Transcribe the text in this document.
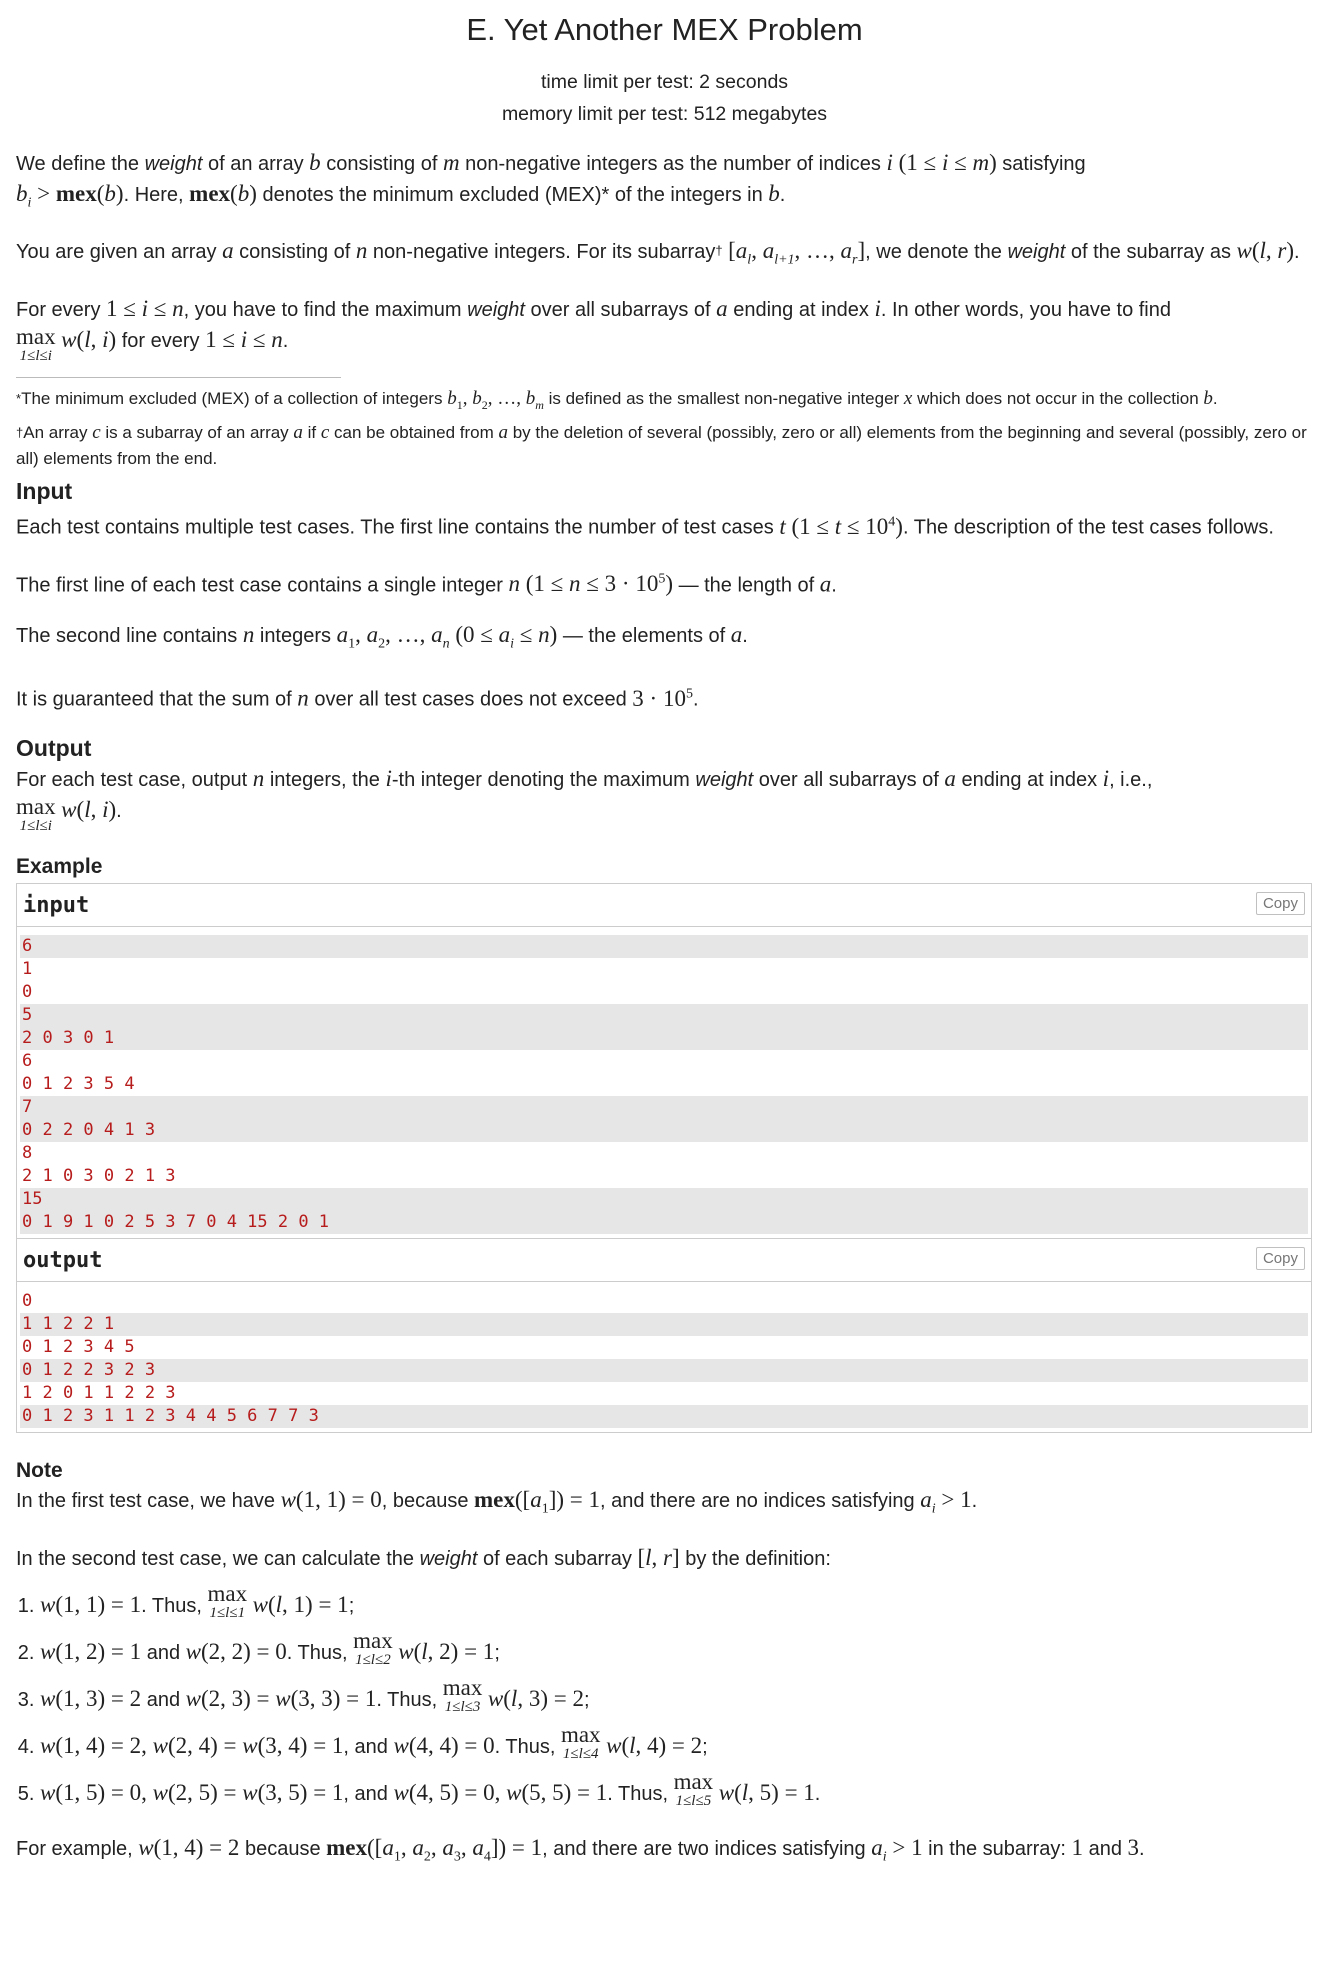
E. Yet Another MEX Problem
time limit per test: 2 seconds
memory limit per test: 512 megabytes

We define the weight of an array b consisting of m non-negative integers as the number of indices i (1 ≤ i ≤ m) satisfying
$b_i > mex(b)$. Here, mex(b) denotes the minimum excluded (MEX)* of the integers in b.

You are given an array a consisting of n non-negative integers. For its subarray† [$a_l$, $a_{l+1}$, …, $a_r$], we denote the weight of the subarray as w(l, r).

For every 1 ≤ i ≤ n, you have to find the maximum weight over all subarrays of a ending at index i. In other words, you have to find

max
1≤l≤i
w(l, i) for every 1 ≤ i ≤ n.

*The minimum excluded (MEX) of a collection of integers $b_1$, $b_2$, …, $b_m$ is defined as the smallest non-negative integer x which does not occur in the collection b.

†An array c is a subarray of an array a if c can be obtained from a by the deletion of several (possibly, zero or all) elements from the beginning and several (possibly, zero or all) elements from the end.

Input

Each test contains multiple test cases. The first line contains the number of test cases t $(1 \le t \le 10^4)$. The description of the test cases follows.

The first line of each test case contains a single integer n $(1 \le n \le 3 \cdot 10^5)$ — the length of a.

The second line contains n integers $a_1$, $a_2$, …, $a_n$ $(0 \le a_i \le n)$ — the elements of a.

It is guaranteed that the sum of n over all test cases does not exceed $3 \cdot 10^5$.

Output

For each test case, output n integers, the i-th integer denoting the maximum weight over all subarrays of a ending at index i, i.e.,

max
1≤l≤i
w(l, i).

Example
input	Copy
6
1
0
5
2 0 3 0 1
6
0 1 2 3 5 4
7
0 2 2 0 4 1 3
8
2 1 0 3 0 2 1 3
15
0 1 9 1 0 2 5 3 7 0 4 15 2 0 1
output	Copy
0
1 1 2 2 1
0 1 2 3 4 5
0 1 2 2 3 2 3
1 2 0 1 1 2 2 3
0 1 2 3 1 1 2 3 4 4 5 6 7 7 3
Note

In the first test case, we have w(1, 1) = 0, because $mex([a_1]) = 1$, and there are no indices satisfying $a_i > 1$.

In the second test case, we can calculate the weight of each subarray [l, r] by the definition:

1. w(1, 1) = 1. Thus, max
1≤l≤1 w(l, 1) = 1;
2. w(1, 2) = 1 and w(2, 2) = 0. Thus, max
1≤l≤2 w(l, 2) = 1;
3. w(1, 3) = 2 and w(2, 3) = w(3, 3) = 1. Thus, max
1≤l≤3 w(l, 3) = 2;
4. w(1, 4) = 2, w(2, 4) = w(3, 4) = 1, and w(4, 4) = 0. Thus, max
1≤l≤4 w(l, 4) = 2;
5. w(1, 5) = 0, w(2, 5) = w(3, 5) = 1, and w(4, 5) = 0, w(5, 5) = 1. Thus, max
1≤l≤5 w(l, 5) = 1.

For example, w(1, 4) = 2 because $mex([a_1$, $a_2$, $a_3$, $a_4]) = 1$, and there are two indices satisfying $a_i > 1$ in the subarray: 1 and 3.
